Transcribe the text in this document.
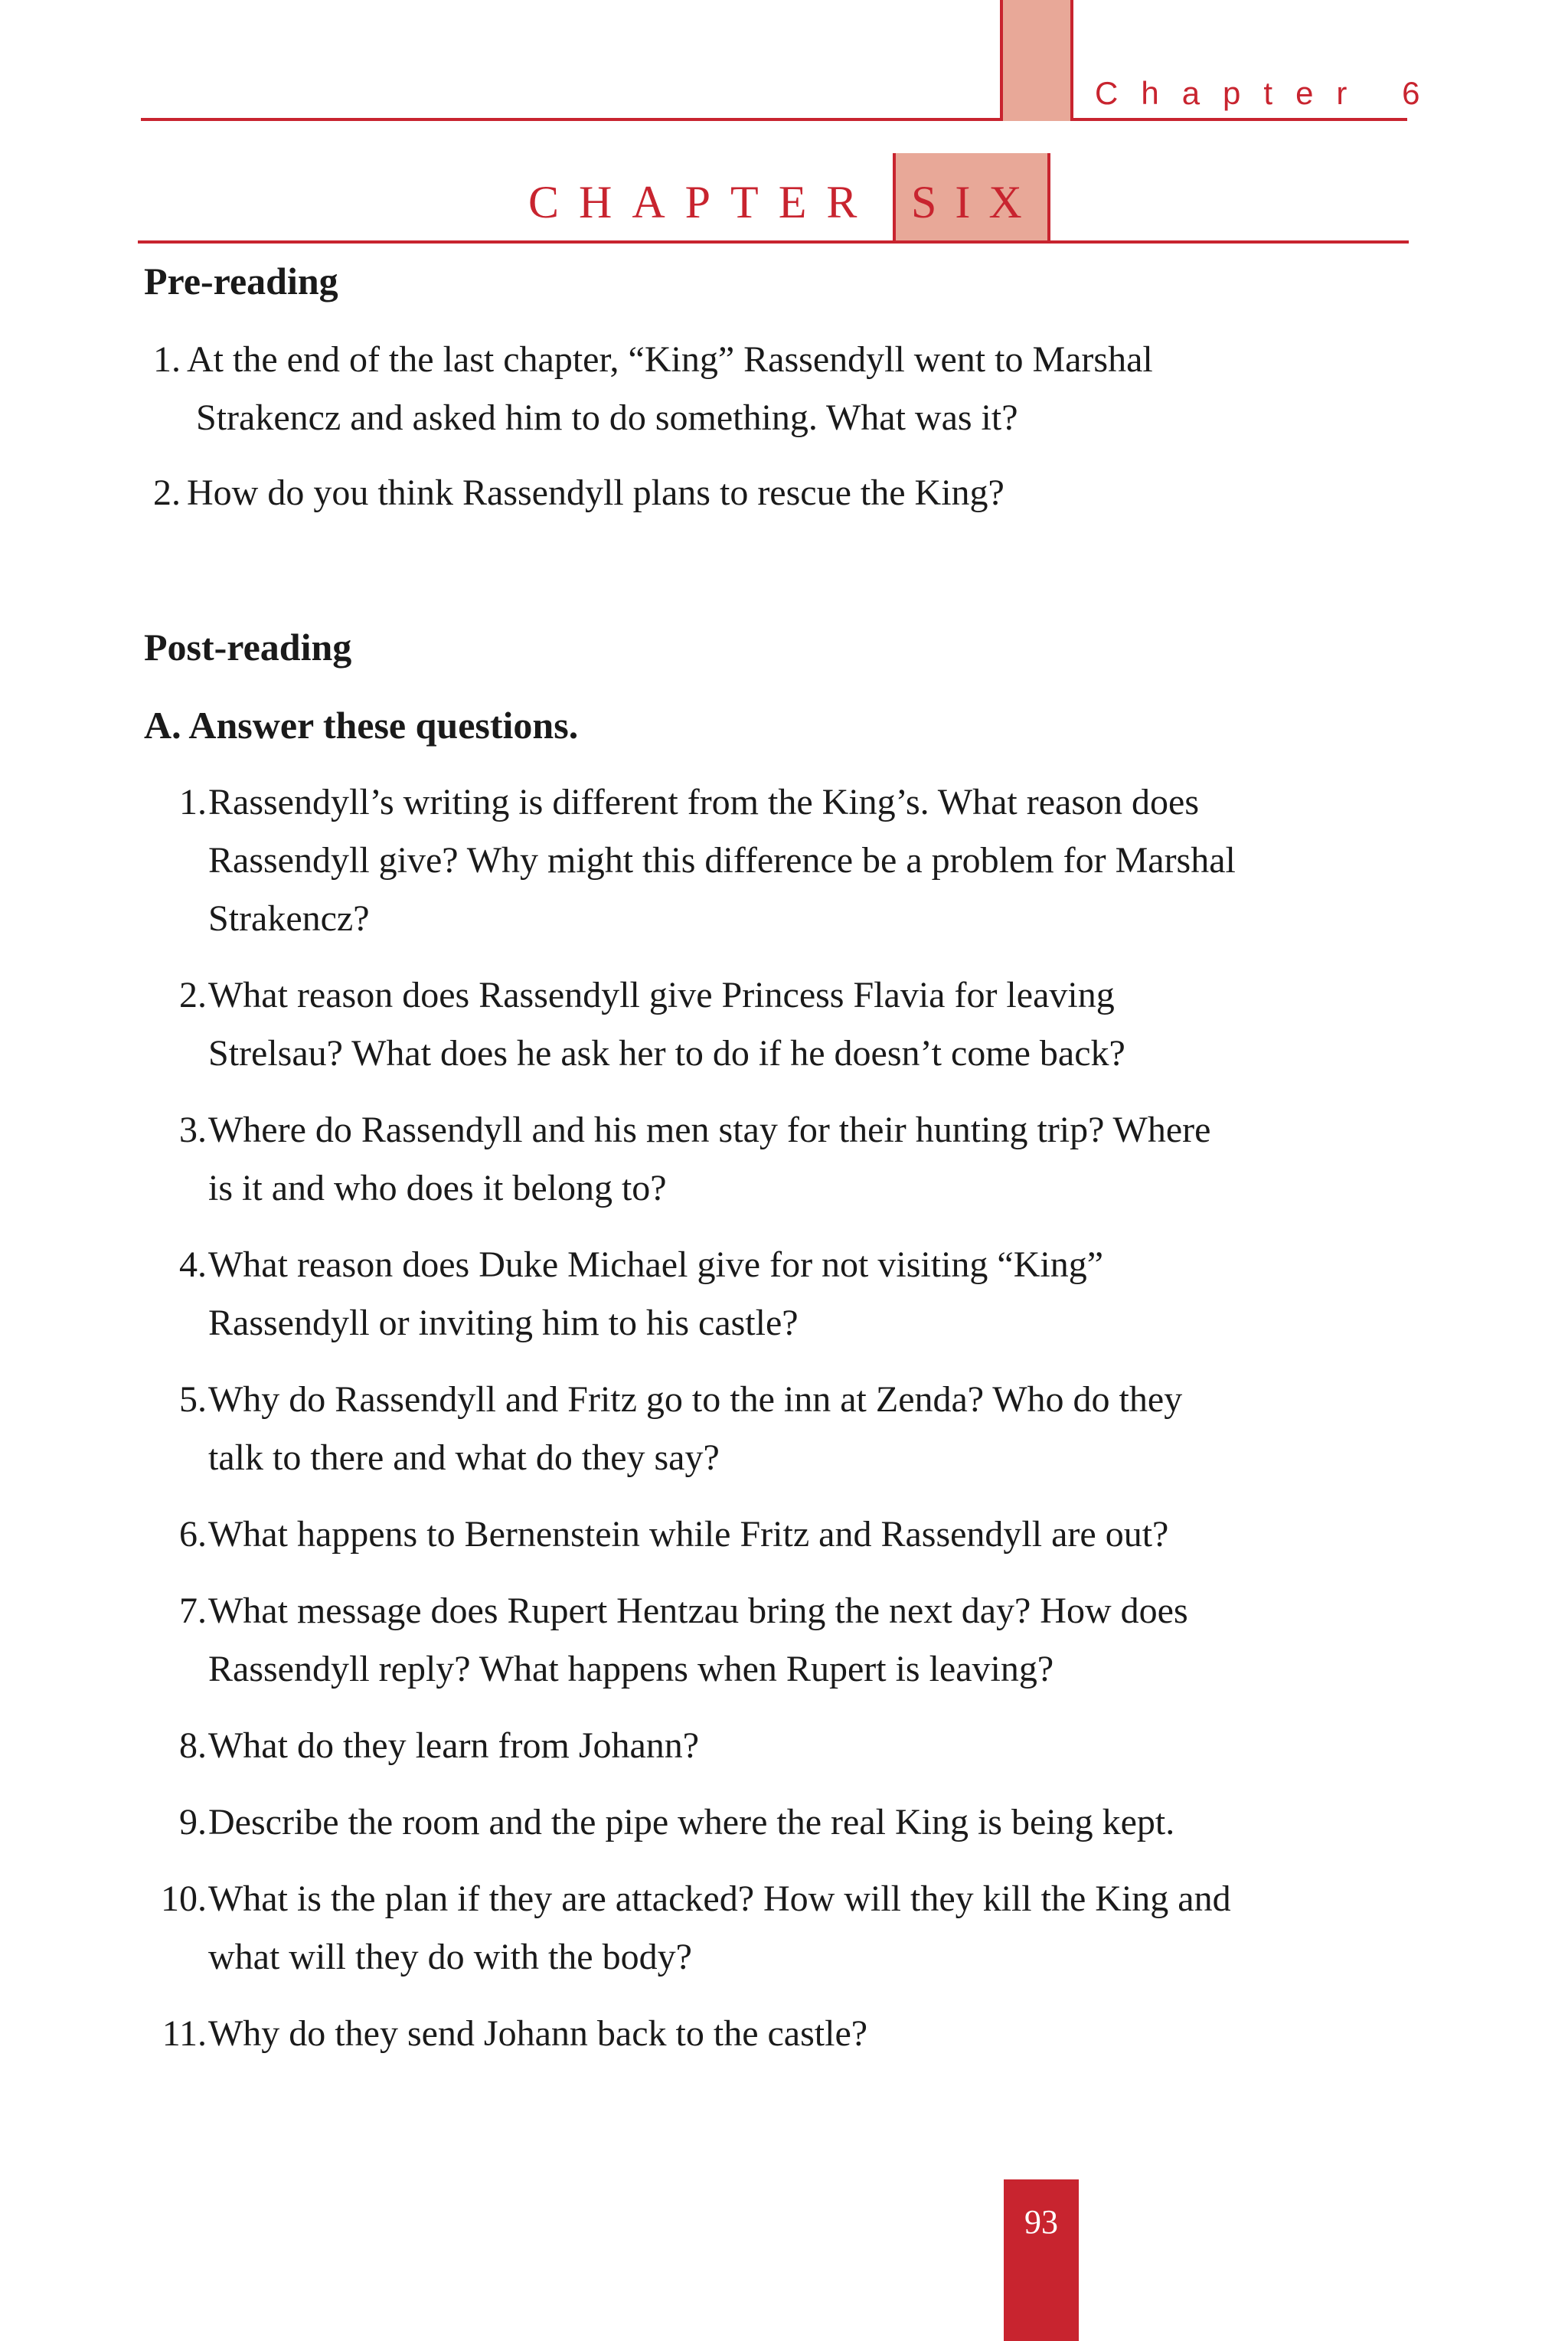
Chapter 6
CHAPTER SIX
Pre-reading
1. At the end of the last chapter, “King” Rassendyll went to Marshal
Strakencz and asked him to do something. What was it?
2. How do you think Rassendyll plans to rescue the King?
Post-reading
A. Answer these questions.
1. Rassendyll’s writing is different from the King’s. What reason does
Rassendyll give? Why might this difference be a problem for Marshal
Strakencz?
2. What reason does Rassendyll give Princess Flavia for leaving
Strelsau? What does he ask her to do if he doesn’t come back?
3. Where do Rassendyll and his men stay for their hunting trip? Where
is it and who does it belong to?
4. What reason does Duke Michael give for not visiting “King”
Rassendyll or inviting him to his castle?
5. Why do Rassendyll and Fritz go to the inn at Zenda? Who do they
talk to there and what do they say?
6. What happens to Bernenstein while Fritz and Rassendyll are out?
7. What message does Rupert Hentzau bring the next day? How does
Rassendyll reply? What happens when Rupert is leaving?
8. What do they learn from Johann?
9. Describe the room and the pipe where the real King is being kept.
10. What is the plan if they are attacked? How will they kill the King and
what will they do with the body?
11. Why do they send Johann back to the castle?
93
